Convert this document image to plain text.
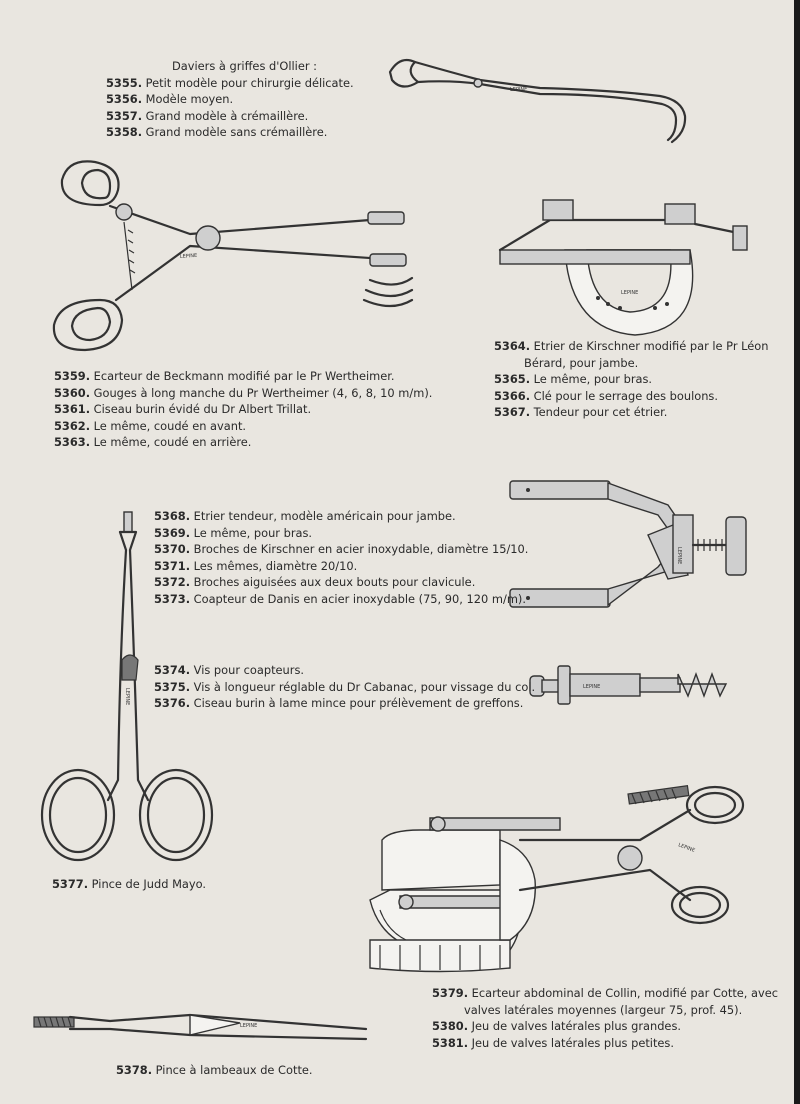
Daviers à griffes d'Ollier :
5355. Petit modèle pour chirurgie délicate.
5356. Modèle moyen.
5357. Grand modèle à crémaillère.
5358. Grand modèle sans crémaillère.
LEPINE
LEPINE
LEPINE
5364. Etrier de Kirschner modifié par le Pr Léon
Bérard, pour jambe.
5365. Le même, pour bras.
5366. Clé pour le serrage des boulons.
5367. Tendeur pour cet étrier.
5359. Ecarteur de Beckmann modifié par le Pr Wertheimer.
5360. Gouges à long manche du Pr Wertheimer (4, 6, 8, 10 m/m).
5361. Ciseau burin évidé du Dr Albert Trillat.
5362. Le même, coudé en avant.
5363. Le même, coudé en arrière.
LEPINE
5368. Etrier tendeur, modèle américain pour jambe.
5369. Le même, pour bras.
5370. Broches de Kirschner en acier inoxydable, diamètre 15/10.
5371. Les mêmes, diamètre 20/10.
5372. Broches aiguisées aux deux bouts pour clavicule.
5373. Coapteur de Danis en acier inoxydable (75, 90, 120 m/m).
LEPINE
LEPINE
5374. Vis pour coapteurs.
5375. Vis à longueur réglable du Dr Cabanac, pour vissage du col.
5376. Ciseau burin à lame mince pour prélèvement de greffons.
LEPINE
5377. Pince de Judd Mayo.
5379. Ecarteur abdominal de Collin, modifié par Cotte, avec
valves latérales moyennes (largeur 75, prof. 45).
5380. Jeu de valves latérales plus grandes.
5381. Jeu de valves latérales plus petites.
LEPINE
5378. Pince à lambeaux de Cotte.
